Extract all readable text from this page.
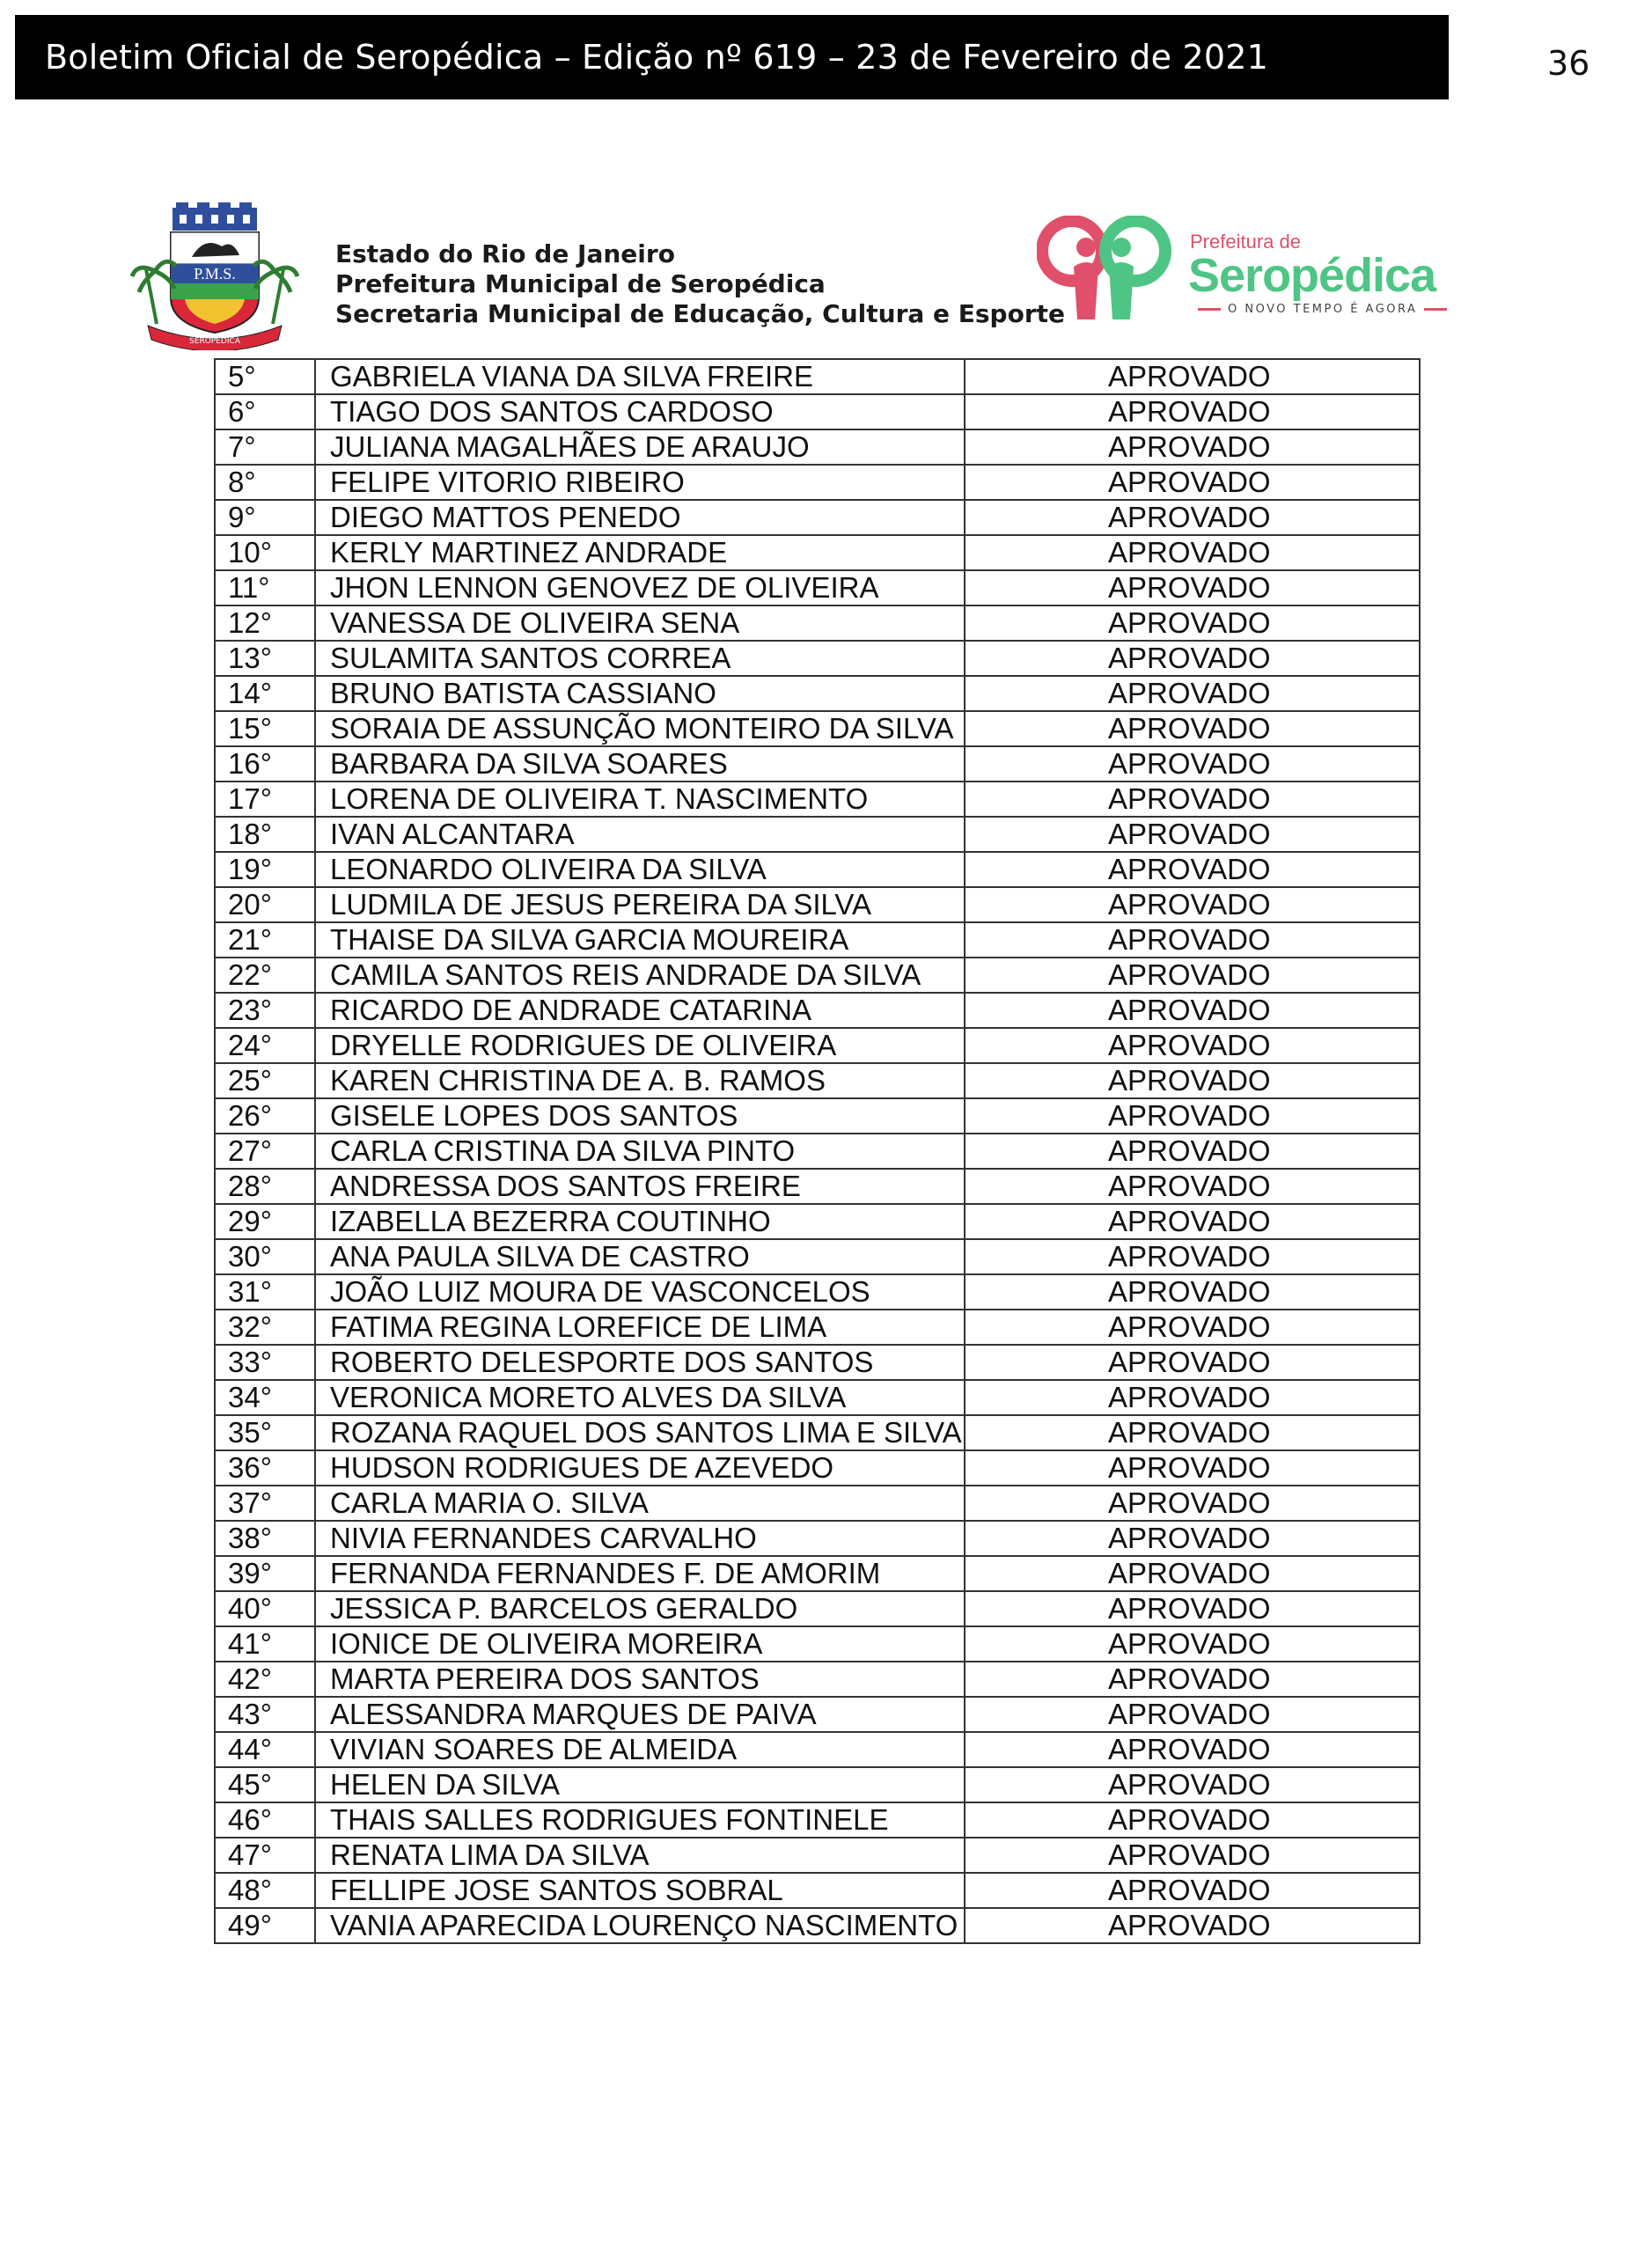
Boletim Oficial de Seropédica – Edição nº 619 – 23 de Fevereiro de 2021	36
P.M.S.
SEROPÉDICA
Estado do Rio de Janeiro
Prefeitura Municipal de Seropédica
Secretaria Municipal de Educação, Cultura e Esporte
Prefeitura de
Seropédica
O NOVO TEMPO É AGORA
5°	GABRIELA VIANA DA SILVA FREIRE	APROVADO
6°	TIAGO DOS SANTOS CARDOSO	APROVADO
7°	JULIANA MAGALHÃES DE ARAUJO	APROVADO
8°	FELIPE VITORIO RIBEIRO	APROVADO
9°	DIEGO MATTOS PENEDO	APROVADO
10°	KERLY MARTINEZ ANDRADE	APROVADO
11°	JHON LENNON GENOVEZ DE OLIVEIRA	APROVADO
12°	VANESSA DE OLIVEIRA SENA	APROVADO
13°	SULAMITA SANTOS CORREA	APROVADO
14°	BRUNO BATISTA CASSIANO	APROVADO
15°	SORAIA DE ASSUNÇÃO MONTEIRO DA SILVA	APROVADO
16°	BARBARA DA SILVA SOARES	APROVADO
17°	LORENA DE OLIVEIRA T. NASCIMENTO	APROVADO
18°	IVAN ALCANTARA	APROVADO
19°	LEONARDO OLIVEIRA DA SILVA	APROVADO
20°	LUDMILA DE JESUS PEREIRA DA SILVA	APROVADO
21°	THAISE DA SILVA GARCIA MOUREIRA	APROVADO
22°	CAMILA SANTOS REIS ANDRADE DA SILVA	APROVADO
23°	RICARDO DE ANDRADE CATARINA	APROVADO
24°	DRYELLE RODRIGUES DE OLIVEIRA	APROVADO
25°	KAREN CHRISTINA DE A. B. RAMOS	APROVADO
26°	GISELE LOPES DOS SANTOS	APROVADO
27°	CARLA CRISTINA DA SILVA PINTO	APROVADO
28°	ANDRESSA DOS SANTOS FREIRE	APROVADO
29°	IZABELLA BEZERRA COUTINHO	APROVADO
30°	ANA PAULA SILVA DE CASTRO	APROVADO
31°	JOÃO LUIZ MOURA DE VASCONCELOS	APROVADO
32°	FATIMA REGINA LOREFICE DE LIMA	APROVADO
33°	ROBERTO DELESPORTE DOS SANTOS	APROVADO
34°	VERONICA MORETO ALVES DA SILVA	APROVADO
35°	ROZANA RAQUEL DOS SANTOS LIMA E SILVA	APROVADO
36°	HUDSON RODRIGUES DE AZEVEDO	APROVADO
37°	CARLA MARIA O. SILVA	APROVADO
38°	NIVIA FERNANDES CARVALHO	APROVADO
39°	FERNANDA FERNANDES F. DE AMORIM	APROVADO
40°	JESSICA P. BARCELOS GERALDO	APROVADO
41°	IONICE DE OLIVEIRA MOREIRA	APROVADO
42°	MARTA PEREIRA DOS SANTOS	APROVADO
43°	ALESSANDRA MARQUES DE PAIVA	APROVADO
44°	VIVIAN SOARES DE ALMEIDA	APROVADO
45°	HELEN DA SILVA	APROVADO
46°	THAIS SALLES RODRIGUES FONTINELE	APROVADO
47°	RENATA LIMA DA SILVA	APROVADO
48°	FELLIPE JOSE SANTOS SOBRAL	APROVADO
49°	VANIA APARECIDA LOURENÇO NASCIMENTO	APROVADO
